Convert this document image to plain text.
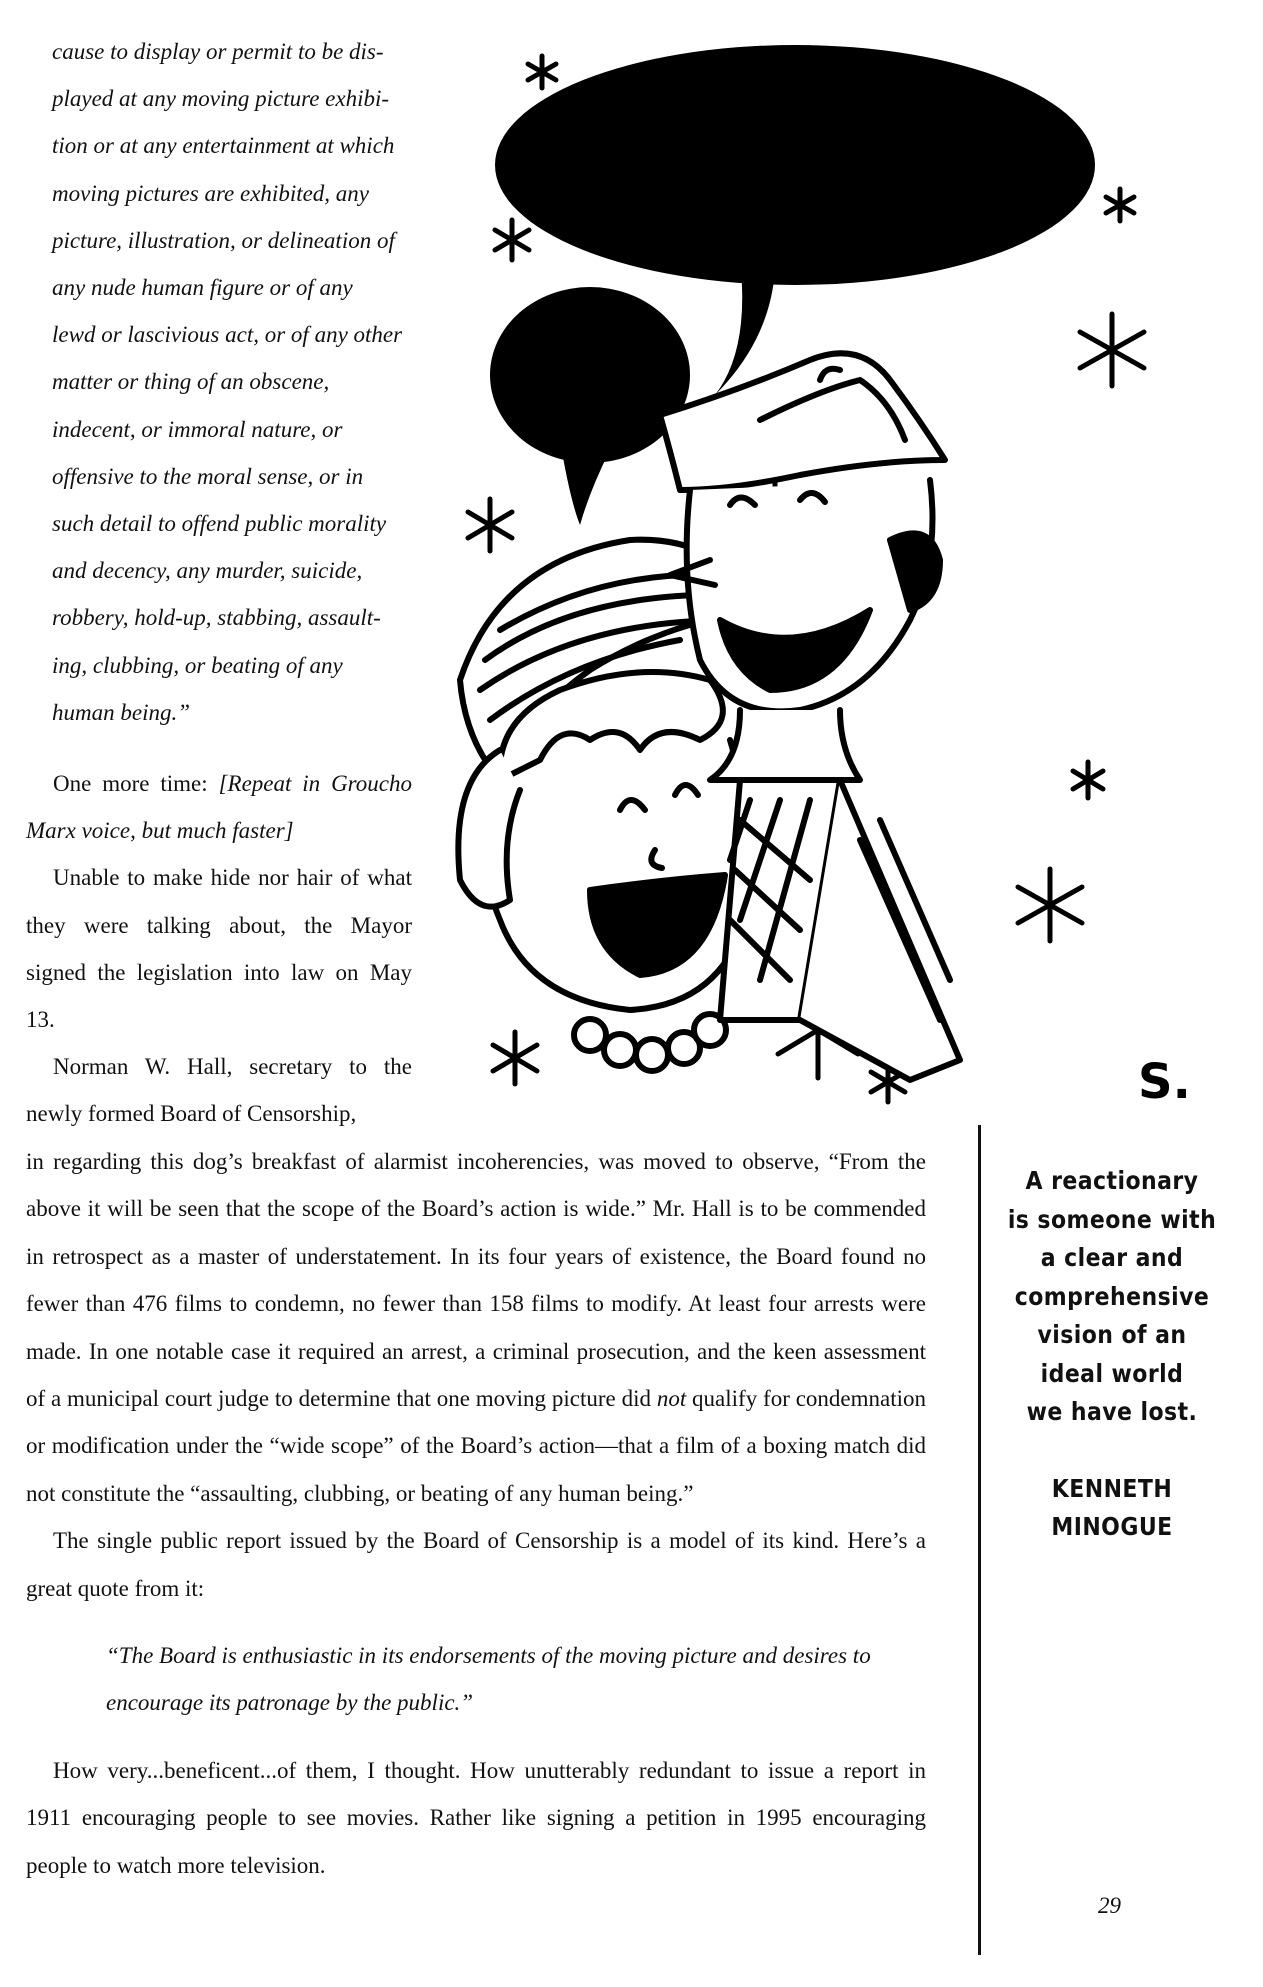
cause to display or permit to be dis-

played at any moving picture exhibi-

tion or at any entertainment at which

moving pictures are exhibited, any

picture, illustration, or delineation of

any nude human figure or of any

lewd or lascivious act, or of any other

matter or thing of an obscene,

indecent, or immoral nature, or

offensive to the moral sense, or in

such detail to offend public morality

and decency, any murder, suicide,

robbery, hold-up, stabbing, assault-

ing, clubbing, or beating of any

human being.”

One more time: [Repeat in Groucho Marx voice, but much faster]

Unable to make hide nor hair of what they were talking about, the Mayor signed the legislation into law on May 13.

Norman W. Hall, secretary to the newly formed Board of Censorship,

in regarding this dog’s breakfast of alarmist incoherencies, was moved to observe, “From the above it will be seen that the scope of the Board’s action is wide.” Mr. Hall is to be commended in retrospect as a master of understatement. In its four years of existence, the Board found no fewer than 476 films to condemn, no fewer than 158 films to modify. At least four arrests were made. In one notable case it required an arrest, a criminal prosecution, and the keen assessment of a municipal court judge to determine that one moving picture did not qualify for condemnation or modification under the “wide scope” of the Board’s action—that a film of a boxing match did not constitute the “assaulting, clubbing, or beating of any human being.”

The single public report issued by the Board of Censorship is a model of its kind. Here’s a great quote from it:

“The Board is enthusiastic in its endorsements of the moving picture and desires to encourage its patronage by the public.”

How very...beneficent...of them, I thought. How unutterably redundant to issue a report in 1911 encouraging people to see movies. Rather like signing a petition in 1995 encouraging people to watch more television.

S.
A reactionary
is someone with
a clear and
comprehensive
vision of an
ideal world
we have lost.
KENNETH
MINOGUE
29
